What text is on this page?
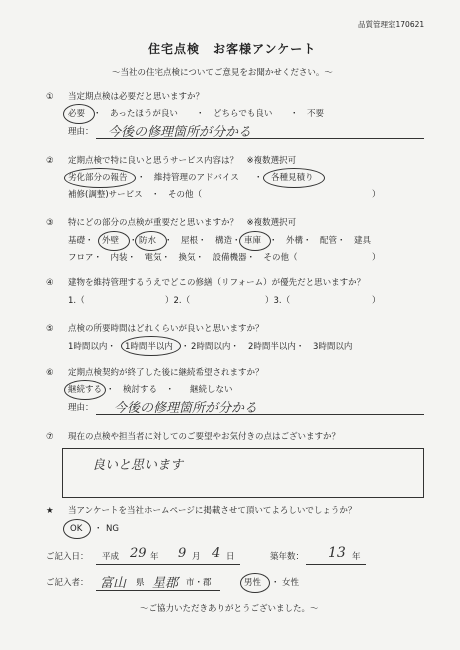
品質管理室170621
住宅点検　お客様アンケート
～当社の住宅点検についてご意見をお聞かせください。～
① 当定期点検は必要だと思いますか？
必要 ・　あったほうが良い ・　どちらでも良い ・　不要
理由： 今後の修理箇所が分かる
② 定期点検で特に良いと思うサービス内容は？　※複数選択可
劣化部分の報告 ・　維持管理のアドバイス ・　各種見積り
補修(調整)サービス ・　その他（	）
③ 特にどの部分の点検が重要だと思いますか？　※複数選択可
基礎・ 外壁 ・ 防水 ・　屋根・　構造・ 車庫 ・　外構・　配管・　建具
フロア・　内装・　電気・　換気・　設備機器・　その他（	）
④ 建物を維持管理するうえでどこの修繕（リフォーム）が優先だと思いますか？
1.（	）2.（	）3.（	）
⑤ 点検の所要時間はどれくらいが良いと思いますか？
1時間以内・ 1時間半以内 ・ 2時間以内・ 2時間半以内・ 3時間以内
⑥ 定期点検契約が終了した後に継続希望されますか？
継続する ・　検討する　・ 継続しない
理由： 今後の修理箇所が分かる
⑦ 現在の点検や担当者に対してのご要望やお気付きの点はございますか？
良いと思います
★ 当アンケートを当社ホームページに掲載させて頂いてよろしいでしょうか？
OK ・ NG
ご記入日： 平成 29 年 9 月 4 日	築年数： 13 年
ご記入者： 富山 県 星郡 市・郡	男性 ・ 女性
～ご協力いただきありがとうございました。～
